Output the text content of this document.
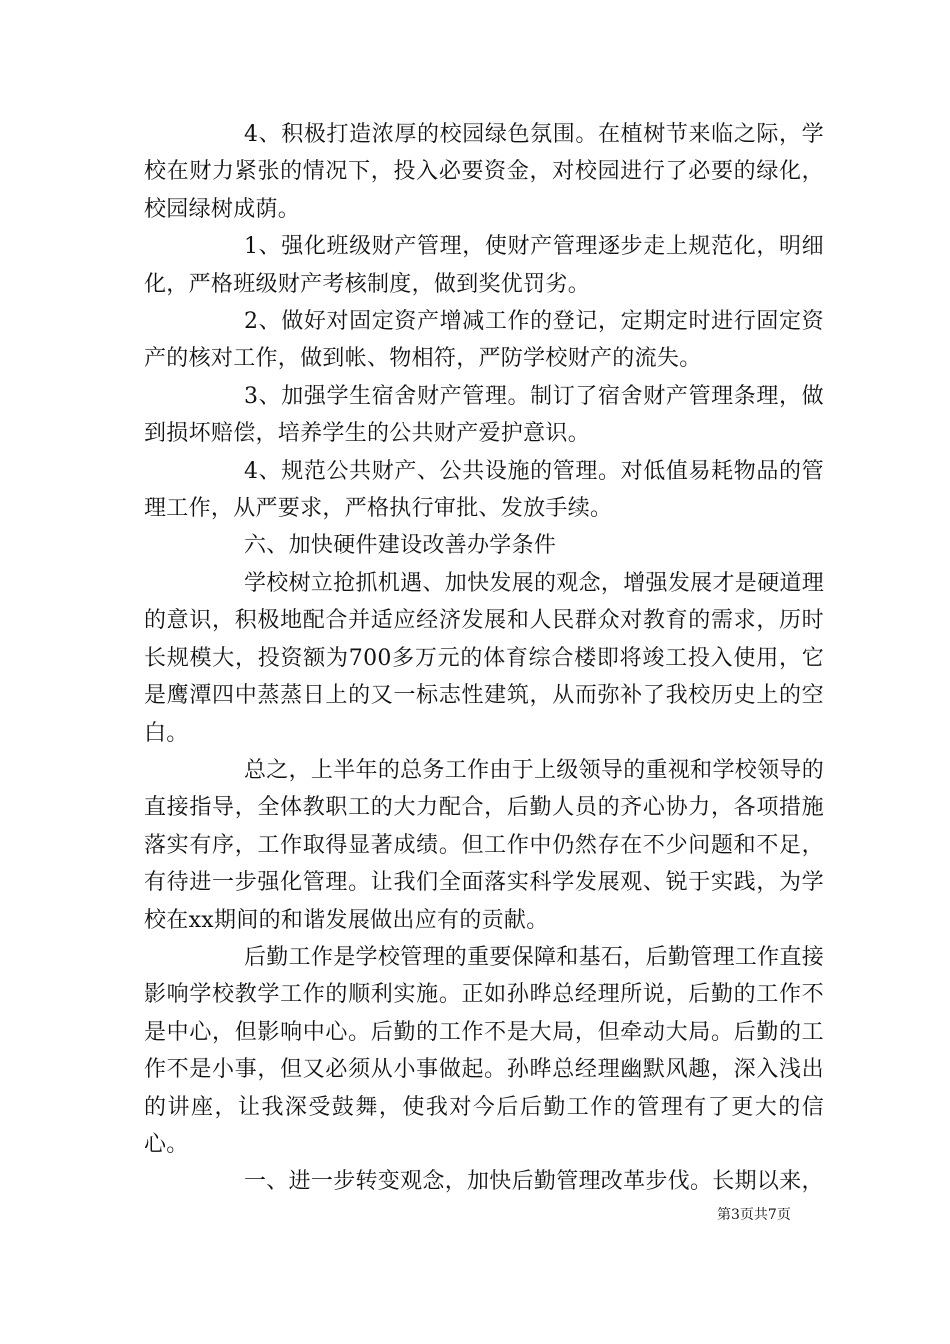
4、积极打造浓厚的校园绿色氛围。在植树节来临之际，学校在财力紧张的情况下，投入必要资金，对校园进行了必要的绿化，校园绿树成荫。

1、强化班级财产管理，使财产管理逐步走上规范化，明细化，严格班级财产考核制度，做到奖优罚劣。

2、做好对固定资产增减工作的登记，定期定时进行固定资产的核对工作，做到帐、物相符，严防学校财产的流失。

3、加强学生宿舍财产管理。制订了宿舍财产管理条理，做到损坏赔偿，培养学生的公共财产爱护意识。

4、规范公共财产、公共设施的管理。对低值易耗物品的管理工作，从严要求，严格执行审批、发放手续。

六、加快硬件建设改善办学条件

学校树立抢抓机遇、加快发展的观念，增强发展才是硬道理的意识，积极地配合并适应经济发展和人民群众对教育的需求，历时长规模大，投资额为700多万元的体育综合楼即将竣工投入使用，它是鹰潭四中蒸蒸日上的又一标志性建筑，从而弥补了我校历史上的空白。

总之，上半年的总务工作由于上级领导的重视和学校领导的直接指导，全体教职工的大力配合，后勤人员的齐心协力，各项措施落实有序，工作取得显著成绩。但工作中仍然存在不少问题和不足，有待进一步强化管理。让我们全面落实科学发展观、锐于实践，为学校在xx期间的和谐发展做出应有的贡献。

后勤工作是学校管理的重要保障和基石，后勤管理工作直接影响学校教学工作的顺利实施。正如孙晔总经理所说，后勤的工作不是中心，但影响中心。后勤的工作不是大局，但牵动大局。后勤的工作不是小事，但又必须从小事做起。孙晔总经理幽默风趣，深入浅出的讲座，让我深受鼓舞，使我对今后后勤工作的管理有了更大的信心。

一、进一步转变观念，加快后勤管理改革步伐。长期以来，

第3页共7页
